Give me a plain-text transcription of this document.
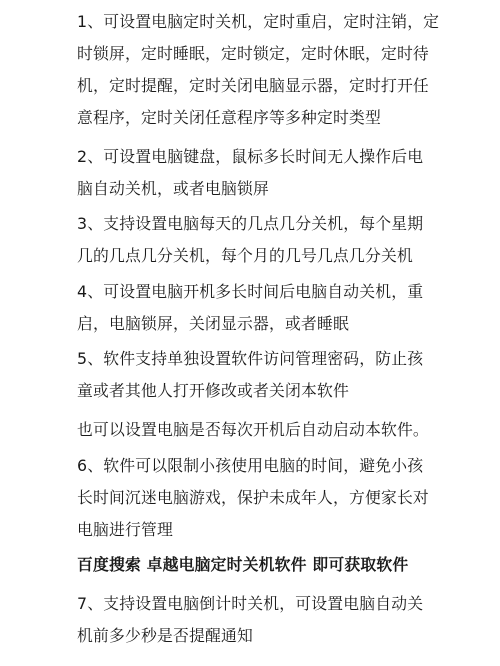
1、可设置电脑定时关机，定时重启，定时注销，定
时锁屏，定时睡眠，定时锁定，定时休眠，定时待
机，定时提醒，定时关闭电脑显示器，定时打开任
意程序，定时关闭任意程序等多种定时类型
2、可设置电脑键盘，鼠标多长时间无人操作后电
脑自动关机，或者电脑锁屏
3、支持设置电脑每天的几点几分关机，每个星期
几的几点几分关机，每个月的几号几点几分关机
4、可设置电脑开机多长时间后电脑自动关机，重
启，电脑锁屏，关闭显示器，或者睡眠
5、软件支持单独设置软件访问管理密码，防止孩
童或者其他人打开修改或者关闭本软件
也可以设置电脑是否每次开机后自动启动本软件。
6、软件可以限制小孩使用电脑的时间，避免小孩
长时间沉迷电脑游戏，保护未成年人，方便家长对
电脑进行管理
百度搜索 卓越电脑定时关机软件 即可获取软件
7、支持设置电脑倒计时关机，可设置电脑自动关
机前多少秒是否提醒通知
